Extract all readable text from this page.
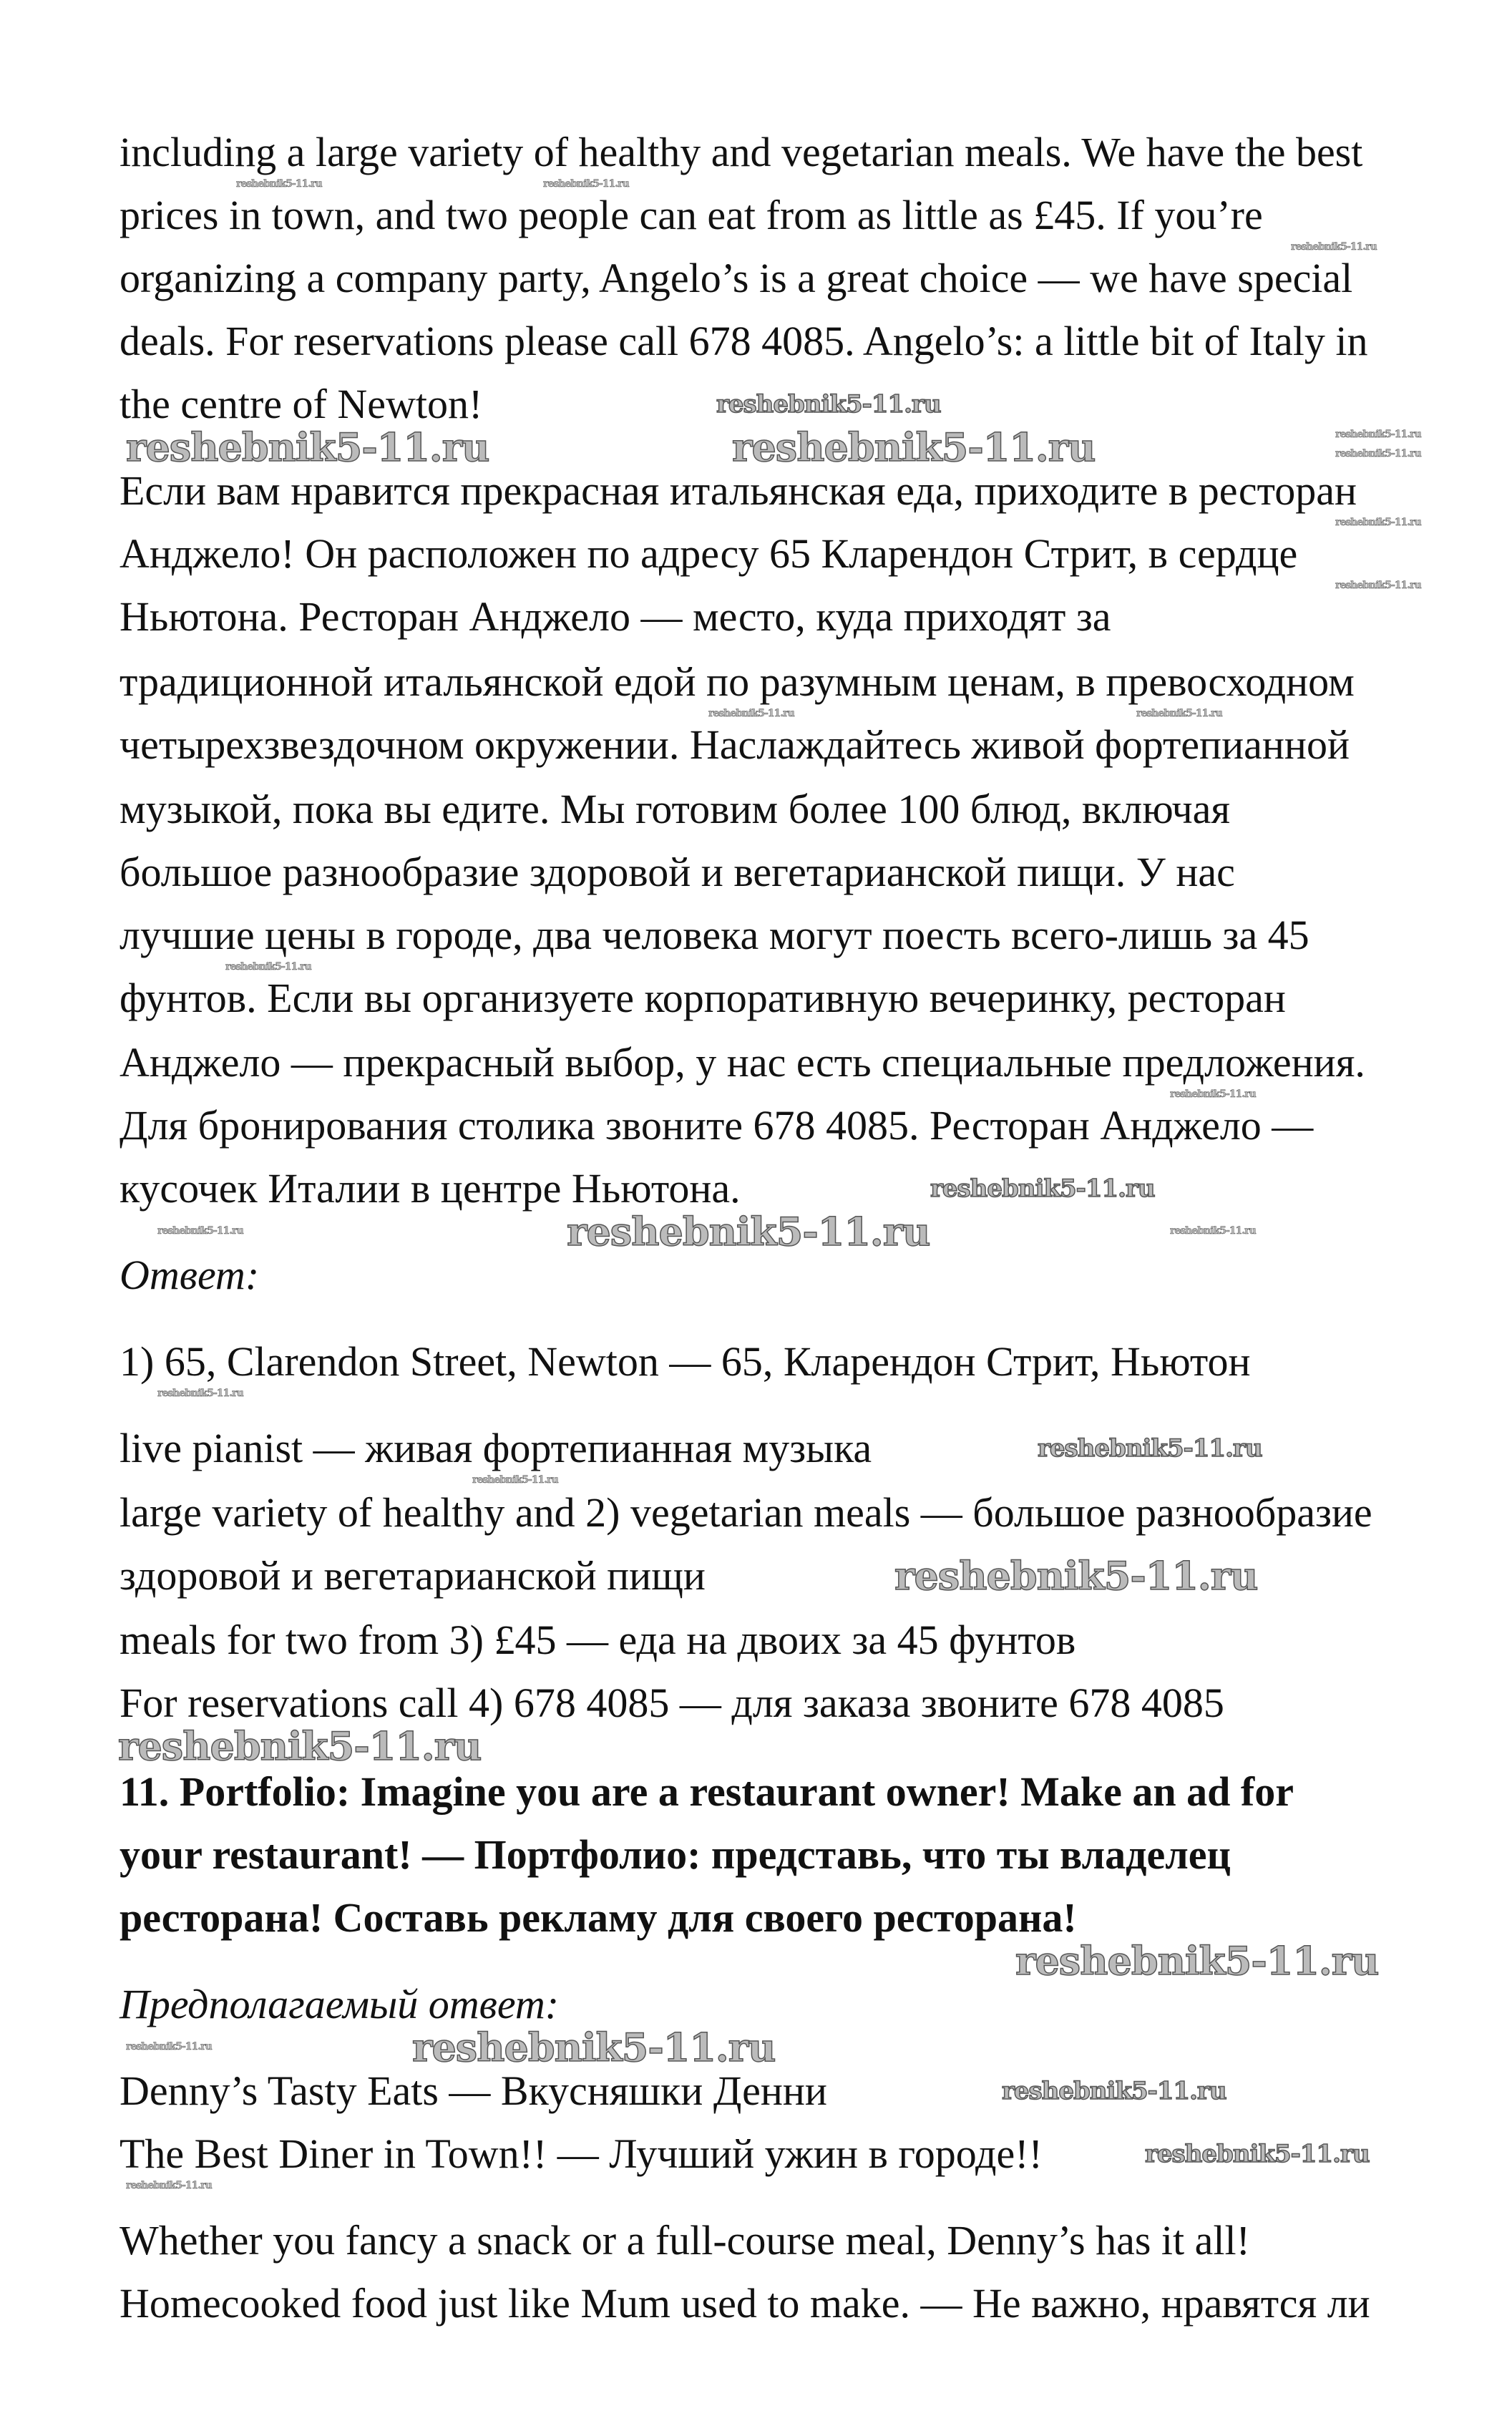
including a large variety of healthy and vegetarian meals. We have the best
prices in town, and two people can eat from as little as £45. If you’re
organizing a company party, Angelo’s is a great choice — we have special
deals. For reservations please call 678 4085. Angelo’s: a little bit of Italy in
the centre of Newton!
Если вам нравится прекрасная итальянская еда, приходите в ресторан
Анджело! Он расположен по адресу 65 Кларендон Стрит, в сердце
Ньютона. Ресторан Анджело — место, куда приходят за
традиционной итальянской едой по разумным ценам, в превосходном
четырехзвездочном окружении. Наслаждайтесь живой фортепианной
музыкой, пока вы едите. Мы готовим более 100 блюд, включая
большое разнообразие здоровой и вегетарианской пищи. У нас
лучшие цены в городе, два человека могут поесть всего-лишь за 45
фунтов. Если вы организуете корпоративную вечеринку, ресторан
Анджело — прекрасный выбор, у нас есть специальные предложения.
Для бронирования столика звоните 678 4085. Ресторан Анджело —
кусочек Италии в центре Ньютона.
Ответ:
1) 65, Clarendon Street, Newton — 65, Кларендон Стрит, Ньютон
live pianist — живая фортепианная музыка
large variety of healthy and 2) vegetarian meals — большое разнообразие
здоровой и вегетарианской пищи
meals for two from 3) £45 — еда на двоих за 45 фунтов
For reservations call 4) 678 4085 — для заказа звоните 678 4085
11. Portfolio: Imagine you are a restaurant owner! Make an ad for
your restaurant! — Портфолио: представь, что ты владелец
ресторана! Составь рекламу для своего ресторана!
Предполагаемый ответ:
Denny’s Tasty Eats — Вкусняшки Денни
The Best Diner in Town!! — Лучший ужин в городе!!
Whether you fancy a snack or a full-course meal, Denny’s has it all!
Homecooked food just like Mum used to make. — Не важно, нравятся ли
reshebnik5-11.ru	reshebnik5-11.ru
reshebnik5-11.ru
reshebnik5-11.ru
reshebnik5-11.ru	reshebnik5-11.ru	reshebnik5-11.ru
reshebnik5-11.ru
reshebnik5-11.ru
reshebnik5-11.ru
reshebnik5-11.ru	reshebnik5-11.ru
reshebnik5-11.ru
reshebnik5-11.ru
reshebnik5-11.ru
reshebnik5-11.ru
reshebnik5-11.ru
reshebnik5-11.ru	reshebnik5-11.ru
reshebnik5-11.ru
reshebnik5-11.ru
reshebnik5-11.ru
reshebnik5-11.ru
reshebnik5-11.ru
reshebnik5-11.ru
reshebnik5-11.ru	reshebnik5-11.ru
reshebnik5-11.ru
reshebnik5-11.ru
